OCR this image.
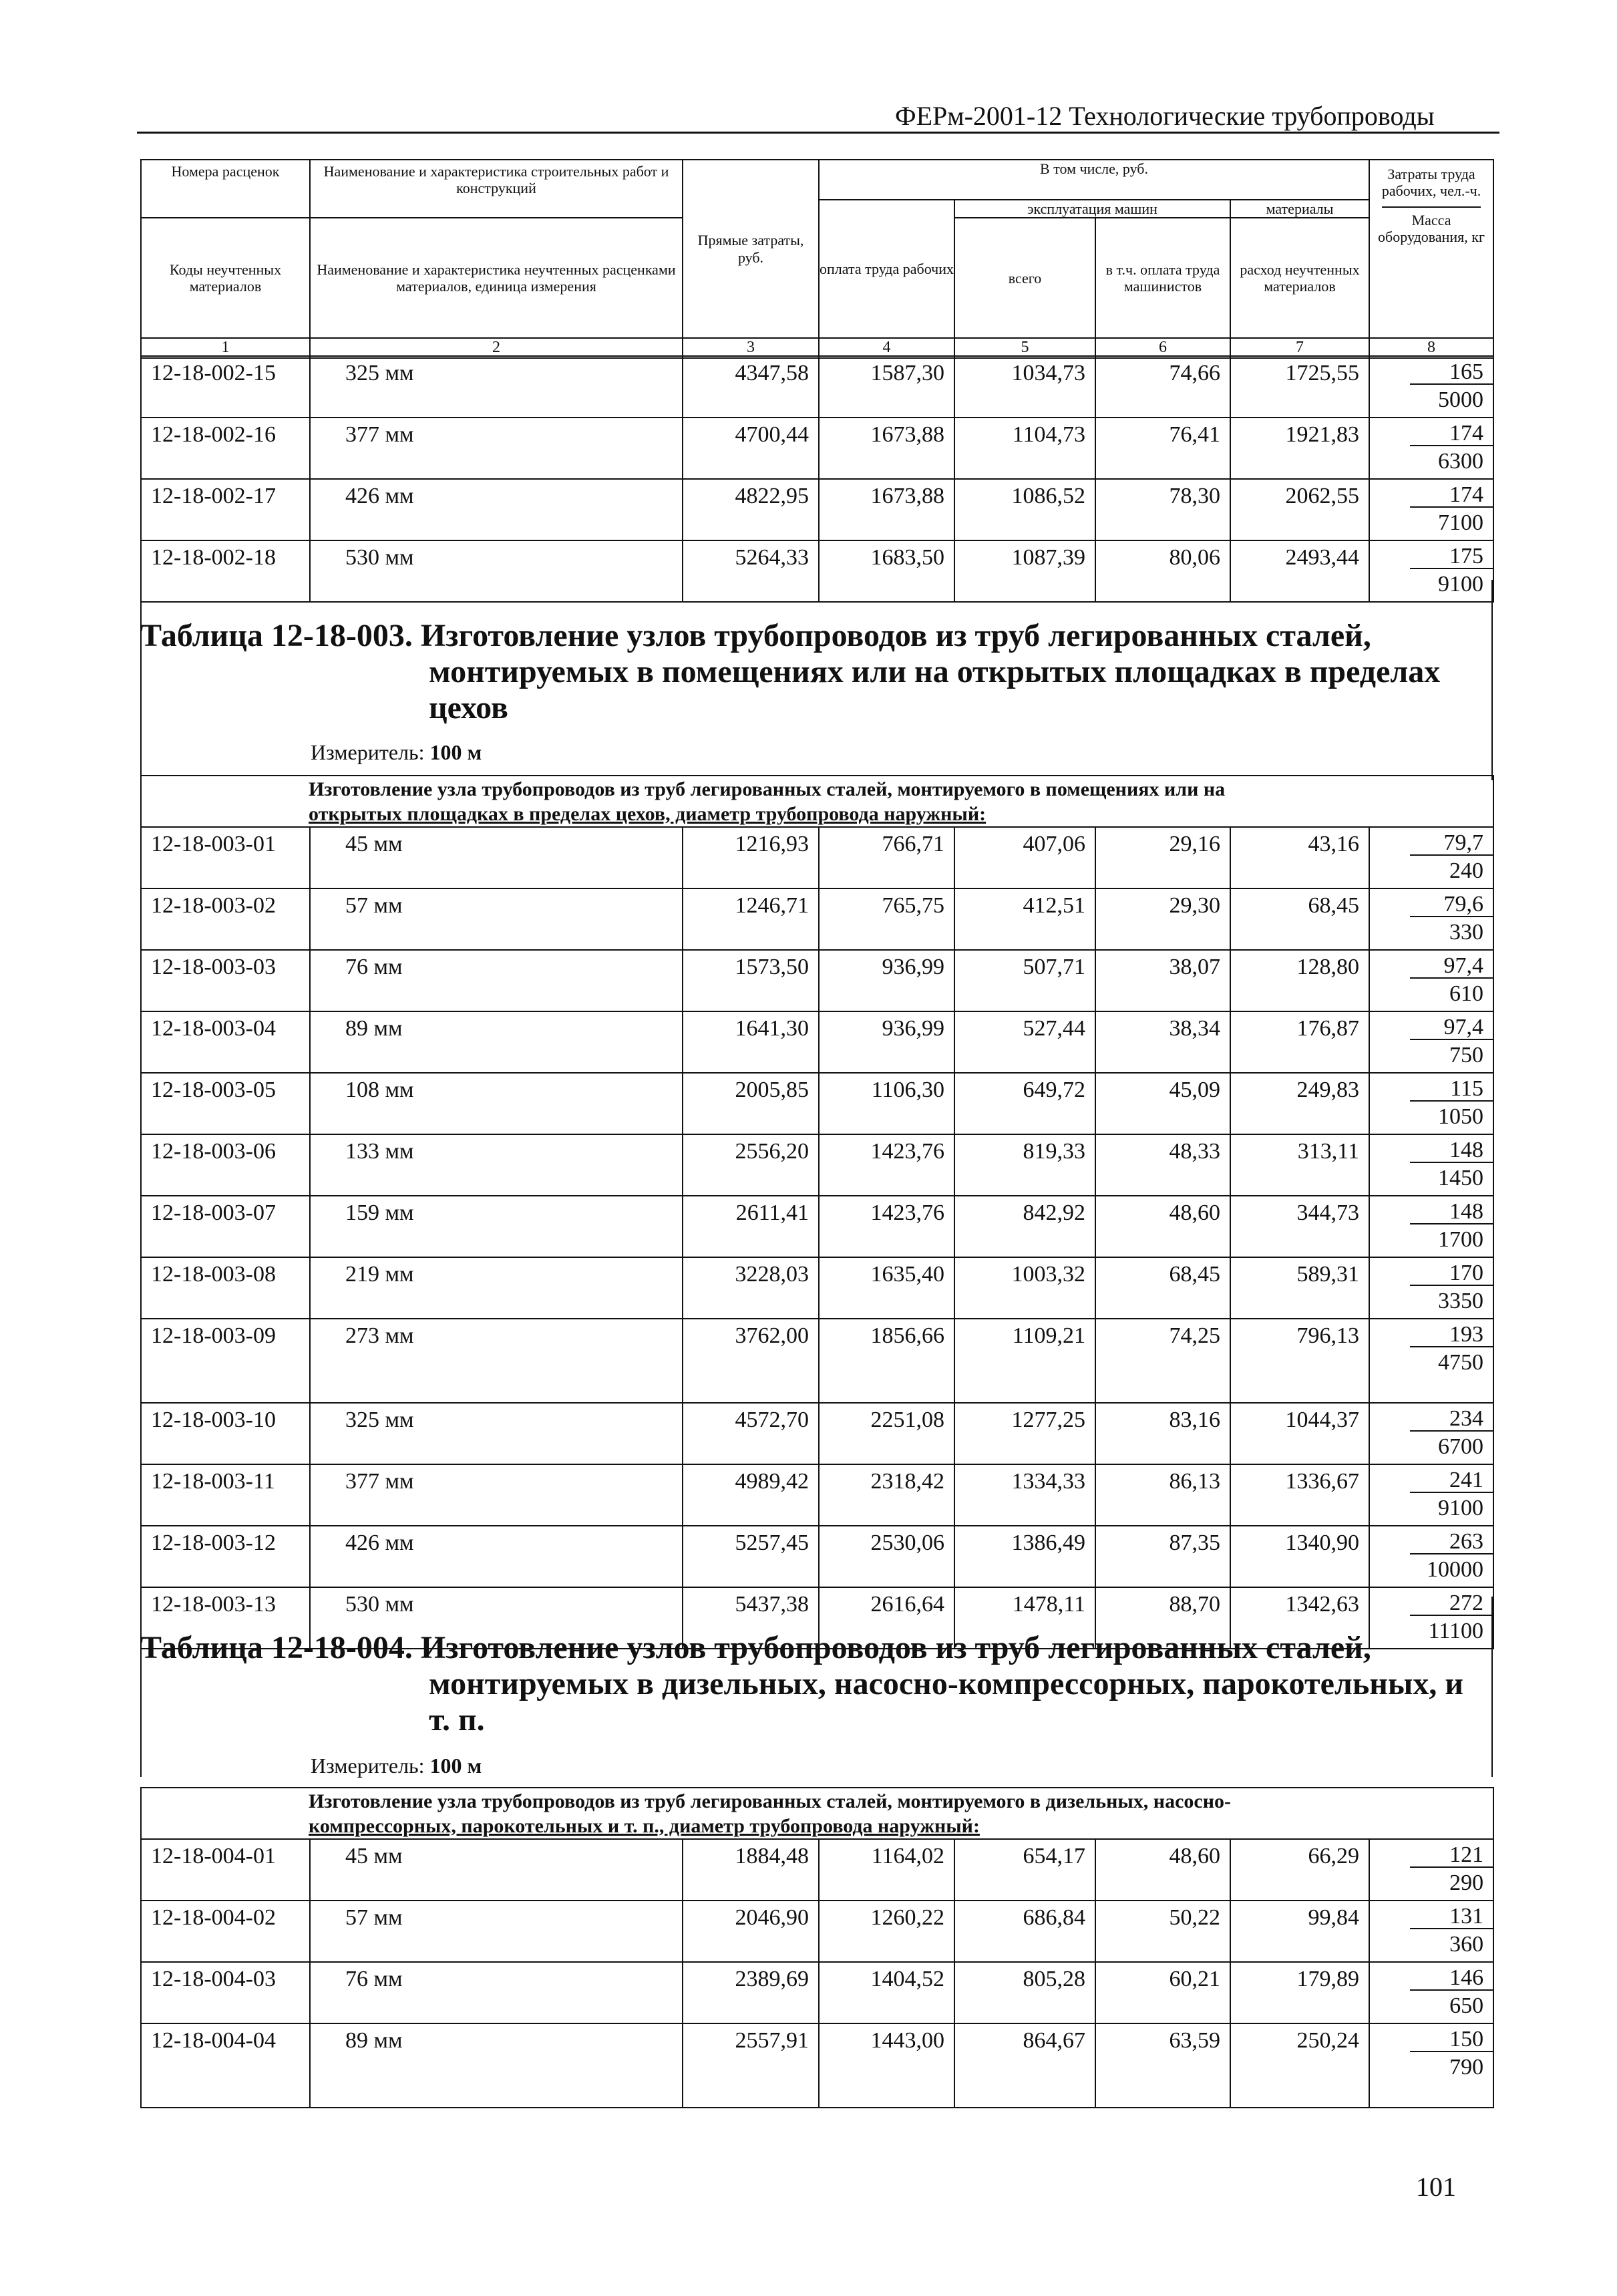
ФЕРм-2001-12 Технологические трубопроводы
Номера расценок	Наименование и характеристика строительных работ и конструкций	Прямые затраты, руб.	В том числе, руб.				Затраты труда рабочих, чел.-ч.
Масса оборудования, кг

			оплата труда рабочих	эксплуатация машин		материалы	
Коды неучтенных материалов	Наименование и характеристика неучтенных расценками материалов, единица измерения			всего	в т.ч. оплата труда машинистов	расход неучтенных материалов	

1	2	3	4	5	6	7	8
12-18-002-15	325 мм	4347,58	1587,30	1034,73	74,66	1725,55	165
5000

12-18-002-16	377 мм	4700,44	1673,88	1104,73	76,41	1921,83	174
6300

12-18-002-17	426 мм	4822,95	1673,88	1086,52	78,30	2062,55	174
7100

12-18-002-18	530 мм	5264,33	1683,50	1087,39	80,06	2493,44	175
9100
Таблица 12-18-003. Изготовление узлов трубопроводов из труб легированных сталей,
монтируемых в помещениях или на открытых площадках в пределах
цехов
Измеритель: 100 м
Изготовление узла трубопроводов из труб легированных сталей, монтируемого в помещениях или на
открытых площадках в пределах цехов, диаметр трубопровода наружный:							
12-18-003-01	45 мм	1216,93	766,71	407,06	29,16	43,16	79,7
240

12-18-003-02	57 мм	1246,71	765,75	412,51	29,30	68,45	79,6
330

12-18-003-03	76 мм	1573,50	936,99	507,71	38,07	128,80	97,4
610

12-18-003-04	89 мм	1641,30	936,99	527,44	38,34	176,87	97,4
750

12-18-003-05	108 мм	2005,85	1106,30	649,72	45,09	249,83	115
1050

12-18-003-06	133 мм	2556,20	1423,76	819,33	48,33	313,11	148
1450

12-18-003-07	159 мм	2611,41	1423,76	842,92	48,60	344,73	148
1700

12-18-003-08	219 мм	3228,03	1635,40	1003,32	68,45	589,31	170
3350

12-18-003-09	273 мм	3762,00	1856,66	1109,21	74,25	796,13	193
4750

12-18-003-10	325 мм	4572,70	2251,08	1277,25	83,16	1044,37	234
6700

12-18-003-11	377 мм	4989,42	2318,42	1334,33	86,13	1336,67	241
9100

12-18-003-12	426 мм	5257,45	2530,06	1386,49	87,35	1340,90	263
10000

12-18-003-13	530 мм	5437,38	2616,64	1478,11	88,70	1342,63	272
11100
Таблица 12-18-004. Изготовление узлов трубопроводов из труб легированных сталей,
монтируемых в дизельных, насосно-компрессорных, парокотельных, и
т. п.
Измеритель: 100 м
Изготовление узла трубопроводов из труб легированных сталей, монтируемого в дизельных, насосно-
компрессорных, парокотельных и т. п., диаметр трубопровода наружный:							
12-18-004-01	45 мм	1884,48	1164,02	654,17	48,60	66,29	121
290

12-18-004-02	57 мм	2046,90	1260,22	686,84	50,22	99,84	131
360

12-18-004-03	76 мм	2389,69	1404,52	805,28	60,21	179,89	146
650

12-18-004-04	89 мм	2557,91	1443,00	864,67	63,59	250,24	150
790
101
